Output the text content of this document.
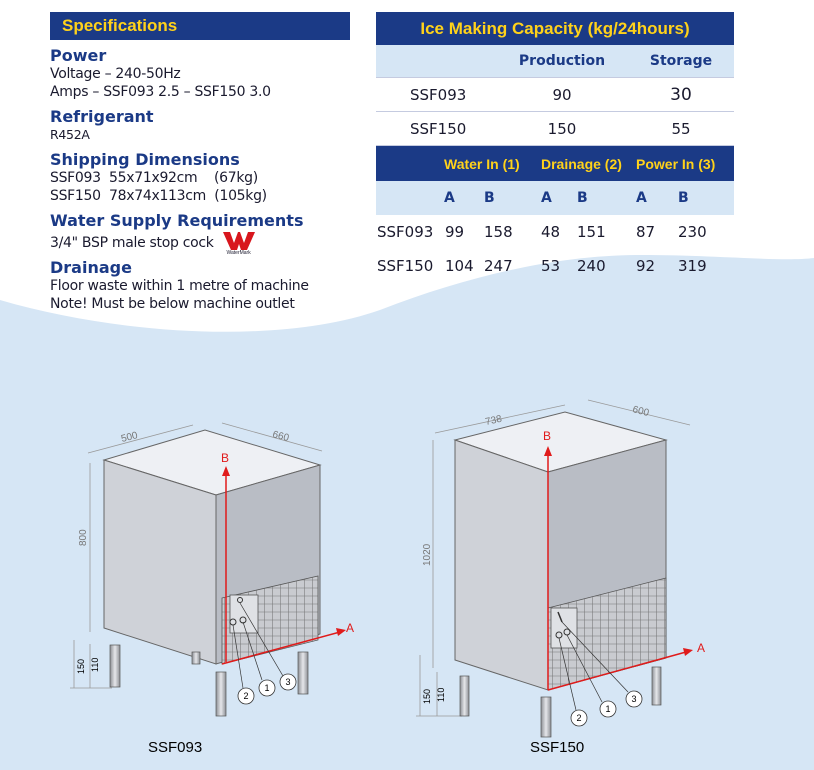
Specifications
Power
Voltage – 240-50Hz
Amps – SSF093 2.5 – SSF150 3.0
Refrigerant
R452A
Shipping Dimensions
SSF093  55x71x92cm    (67kg)
SSF150  78x74x113cm  (105kg)
Water Supply Requirements
3/4" BSP male stop cock
WaterMark
Drainage
Floor waste within 1 metre of machine
Note! Must be below machine outlet
Ice Making Capacity (kg/24hours)
	Production	Storage
SSF093	90	30
SSF150	150	55
	Water In (1)		Drainage (2)		Power In (3)	
	A	B	A	B	A	B
SSF093	99	158	48	151	87	230
SSF150	104	247	53	240	92	319
500	660
800
150 110
B
A
2
1
3
738
600
1020
150 110
B
A
2
1
3
SSF093	SSF150
